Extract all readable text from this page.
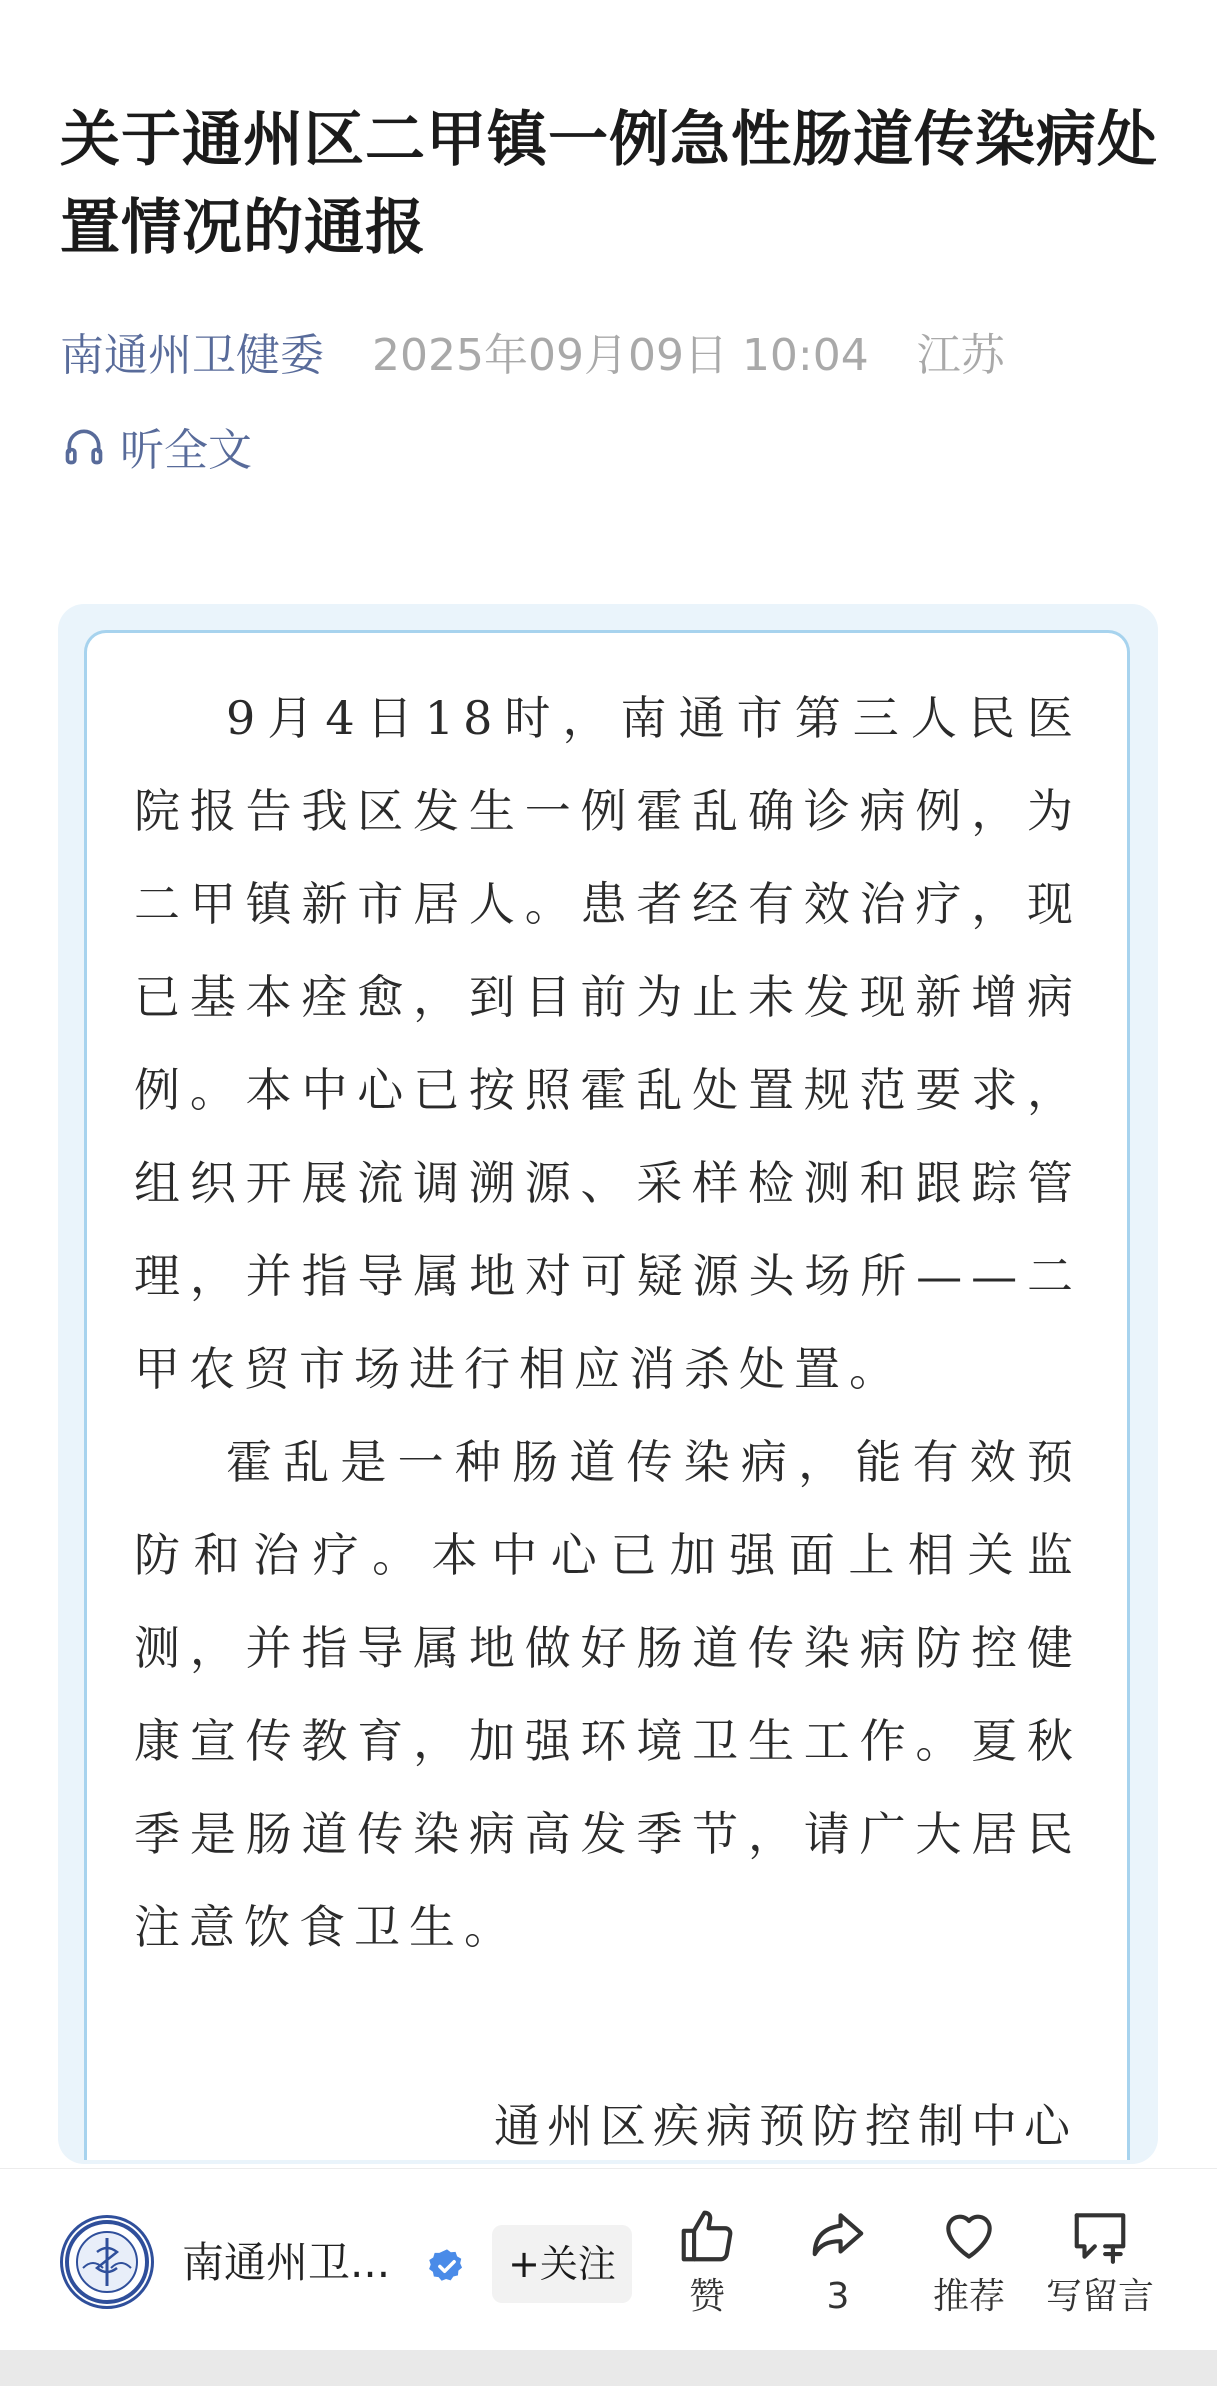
关于通州区二甲镇一例急性肠道传染病处置情况的通报
南通州卫健委 2025年09月09日 10:04 江苏
听全文

9月4日18时，南通市第三人民医院报告我区发生一例霍乱确诊病例，为二甲镇新市居人。患者经有效治疗，现已基本痊愈，到目前为止未发现新增病例。本中心已按照霍乱处置规范要求，组织开展流调溯源、采样检测和跟踪管理，并指导属地对可疑源头场所——二甲农贸市场进行相应消杀处置。

霍乱是一种肠道传染病，能有效预防和治疗。本中心已加强面上相关监测，并指导属地做好肠道传染病防控健康宣传教育，加强环境卫生工作。夏秋季是肠道传染病高发季节，请广大居民注意饮食卫生。

通州区疾病预防控制中心
南通州卫...	+关注
赞	3	推荐	写留言
